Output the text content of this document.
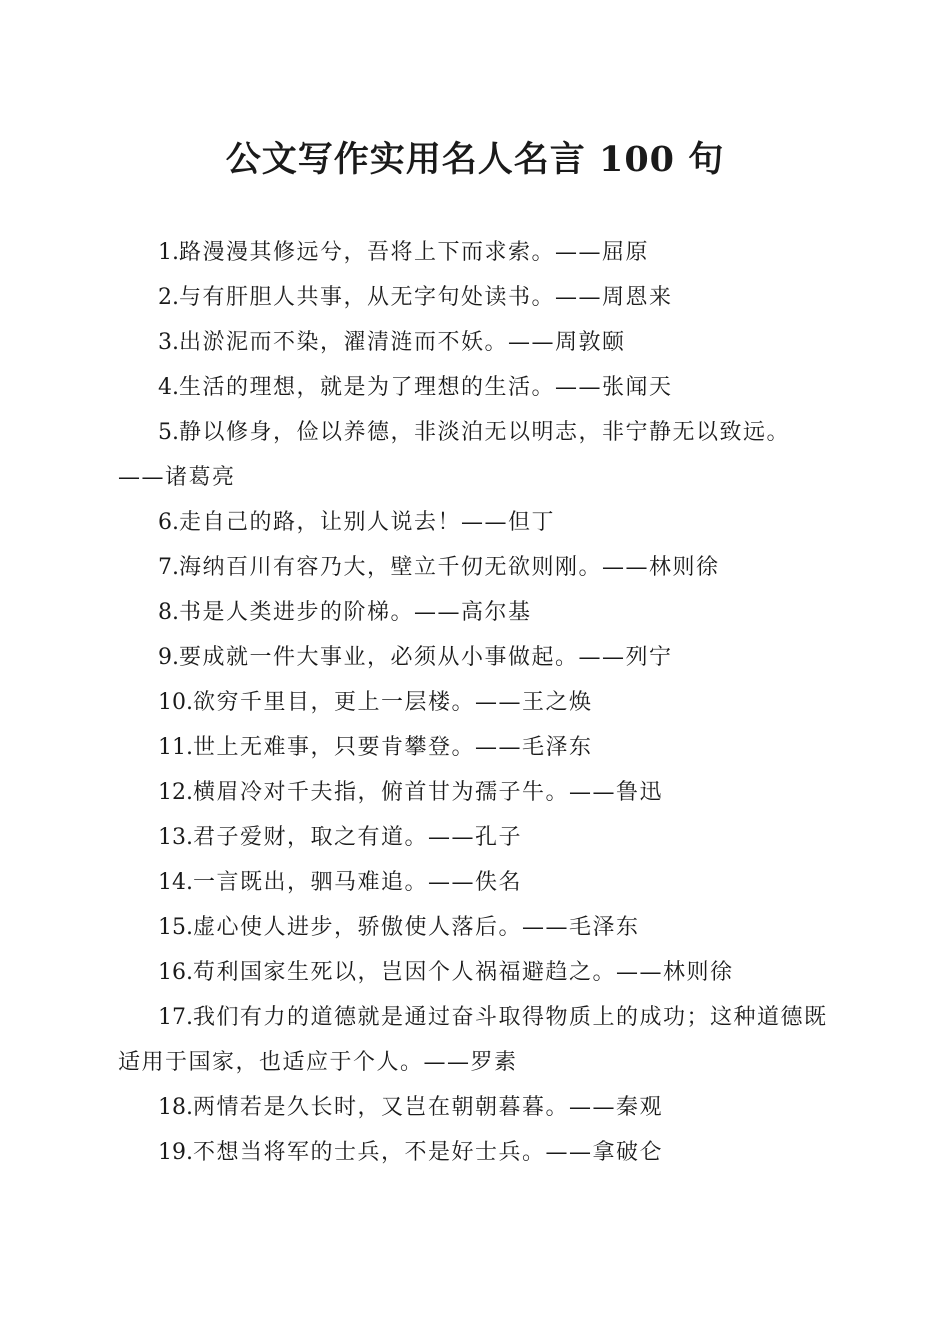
公文写作实用名人名言 100 句

1.路漫漫其修远兮，吾将上下而求索。——屈原

2.与有肝胆人共事，从无字句处读书。——周恩来

3.出淤泥而不染，濯清涟而不妖。——周敦颐

4.生活的理想，就是为了理想的生活。——张闻天

5.静以修身，俭以养德，非淡泊无以明志，非宁静无以致远。——诸葛亮

6.走自己的路，让别人说去！——但丁

7.海纳百川有容乃大，壁立千仞无欲则刚。——林则徐

8.书是人类进步的阶梯。——高尔基

9.要成就一件大事业，必须从小事做起。——列宁

10.欲穷千里目，更上一层楼。——王之焕

11.世上无难事，只要肯攀登。——毛泽东

12.横眉冷对千夫指，俯首甘为孺子牛。——鲁迅

13.君子爱财，取之有道。——孔子

14.一言既出，驷马难追。——佚名

15.虚心使人进步，骄傲使人落后。——毛泽东

16.苟利国家生死以，岂因个人祸福避趋之。——林则徐

17.我们有力的道德就是通过奋斗取得物质上的成功；这种道德既适用于国家，也适应于个人。——罗素

18.两情若是久长时，又岂在朝朝暮暮。——秦观

19.不想当将军的士兵，不是好士兵。——拿破仑
